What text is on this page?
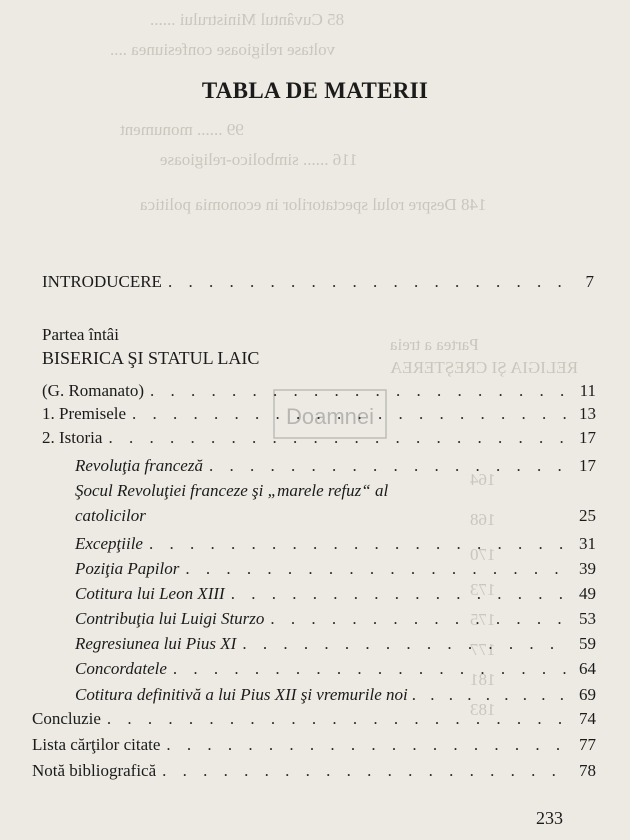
85 Cuvântul Ministrului ......
voltase religioase confesiunea ....
99 ...... monument
116 ...... simbolico-religioase
148 Despre rolul spectatorilor in economia politica
Partea a treia
RELIGIA ŞI CREŞTEREA
164
168
170
173
175
177
181
183
Doamnei
TABLA DE MATERII
INTRODUCERE . . .	7
Partea întâi
BISERICA ŞI STATUL LAIC
(G. Romanato) . . .	11
1. Premisele . . .	13
2. Istoria . . .	17
Revoluţia franceză . . .	17
Şocul Revoluţiei franceze şi „marele refuz“ al
catolicilor	25
Excepţiile . . .	31
Poziţia Papilor . . .	39
Cotitura lui Leon XIII . . .	49
Contribuţia lui Luigi Sturzo . . .	53
Regresiunea lui Pius XI . . .	59
Concordatele . . .	64
Cotitura definitivă a lui Pius XII şi vremurile noi . . .	69
Concluzie . . .	74
Lista cărţilor citate . . .	77
Notă bibliografică . . .	78
233
